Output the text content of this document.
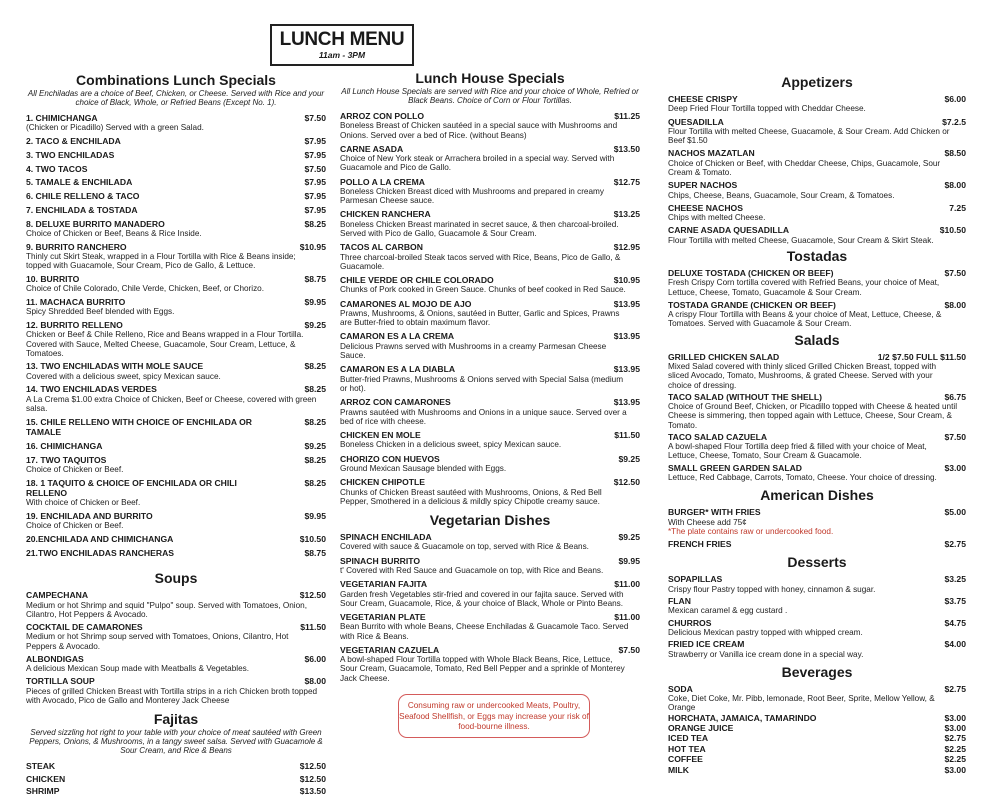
LUNCH MENU
11am - 3PM
Combinations Lunch Specials
All Enchiladas are a choice of Beef, Chicken, or Cheese. Served with Rice and your choice of Black, Whole, or Refried Beans (Except No. 1).
1. CHIMICHANGA	$7.50
(Chicken or Picadillo) Served with a green Salad.
2. TACO & ENCHILADA	$7.95
3. TWO ENCHILADAS	$7.95
4. TWO TACOS	$7.50
5. TAMALE & ENCHILADA	$7.95
6. CHILE RELLENO & TACO	$7.95
7. ENCHILADA & TOSTADA	$7.95
8. DELUXE BURRITO MANADERO	$8.25
Choice of Chicken or Beef, Beans & Rice Inside.
9. BURRITO RANCHERO	$10.95
Thinly cut Skirt Steak, wrapped in a Flour Tortilla with Rice & Beans inside; topped with Guacamole, Sour Cream, Pico de Gallo, & Lettuce.
10. BURRITO	$8.75
Choice of Chile Colorado, Chile Verde, Chicken, Beef, or Chorizo.
11. MACHACA BURRITO	$9.95
Spicy Shredded Beef blended with Eggs.
12. BURRITO RELLENO	$9.25
Chicken or Beef & Chile Relleno, Rice and Beans wrapped in a Flour Tortilla. Covered with Sauce, Melted Cheese, Guacamole, Sour Cream, Lettuce, & Tomatoes.
13. TWO ENCHILADAS WITH MOLE SAUCE	$8.25
Covered with a delicious sweet, spicy Mexican sauce.
14. TWO ENCHILADAS VERDES	$8.25
A La Crema $1.00 extra Choice of Chicken, Beef or Cheese, covered with green salsa.
15. CHILE RELLENO WITH CHOICE OF ENCHILADA OR TAMALE
$8.25
16. CHIMICHANGA	$9.25
17. TWO TAQUITOS	$8.25
Choice of Chicken or Beef.
18. 1 TAQUITO & CHOICE OF ENCHILADA OR CHILI RELLENO
$8.25
With choice of Chicken or Beef.
19. ENCHILADA AND BURRITO	$9.95
Choice of Chicken or Beef.
20.ENCHILADA AND CHIMICHANGA	$10.50
21.TWO ENCHILADAS RANCHERAS	$8.75
Soups
CAMPECHANA	$12.50
Medium or hot Shrimp and squid "Pulpo" soup. Served with Tomatoes, Onion, Cilantro, Hot Peppers & Avocado.
COCKTAIL DE CAMARONES	$11.50
Medium or hot Shrimp soup served with Tomatoes, Onions, Cilantro, Hot Peppers & Avocado.
ALBONDIGAS	$6.00
A delicious Mexican Soup made with Meatballs & Vegetables.
TORTILLA SOUP	$8.00
Pieces of grilled Chicken Breast with Tortilla strips in a rich Chicken broth topped with Avocado, Pico de Gallo and Monterey Jack Cheese
Fajitas
Served sizzling hot right to your table with your choice of meat sautéed with Green Peppers, Onions, & Mushrooms, in a tangy sweet salsa. Served with Guacamole & Sour Cream, and Rice & Beans
STEAK	$12.50
CHICKEN	$12.50
SHRIMP	$13.50
Lunch House Specials
All Lunch House Specials are served with Rice and your choice of Whole, Refried or Black Beans. Choice of Corn or Flour Tortillas.
ARROZ CON POLLO	$11.25
Boneless Breast of Chicken sautéed in a special sauce with Mushrooms and Onions. Served over a bed of Rice. (without Beans)
CARNE ASADA	$13.50
Choice of New York steak or Arrachera broiled in a special way. Served with Guacamole and Pico de Gallo.
POLLO A LA CREMA	$12.75
Boneless Chicken Breast diced with Mushrooms and prepared in creamy Parmesan Cheese sauce.
CHICKEN RANCHERA	$13.25
Boneless Chicken Breast marinated in secret sauce, & then charcoal-broiled. Served with Pico de Gallo, Guacamole & Sour Cream.
TACOS AL CARBON	$12.95
Three charcoal-broiled Steak tacos served with Rice, Beans, Pico de Gallo, & Guacamole.
CHILE VERDE OR CHILE COLORADO	$10.95
Chunks of Pork cooked in Green Sauce. Chunks of beef cooked in Red Sauce.
CAMARONES AL MOJO DE AJO	$13.95
Prawns, Mushrooms, & Onions, sautéed in Butter, Garlic and Spices, Prawns are Butter-fried to obtain maximum flavor.
CAMARON ES A LA CREMA	$13.95
Delicious Prawns served with Mushrooms in a creamy Parmesan Cheese Sauce.
CAMARON ES A LA DIABLA	$13.95
Butter-fried Prawns, Mushrooms & Onions served with Special Salsa (medium or hot).
ARROZ CON CAMARONES	$13.95
Prawns sautéed with Mushrooms and Onions in a unique sauce. Served over a bed of rice with cheese.
CHICKEN EN MOLE	$11.50
Boneless Chicken in a delicious sweet, spicy Mexican sauce.
CHORIZO CON HUEVOS	$9.25
Ground Mexican Sausage blended with Eggs.
CHICKEN CHIPOTLE	$12.50
Chunks of Chicken Breast sautéed with Mushrooms, Onions, & Red Bell Pepper, Smothered in a delicious & mildly spicy Chipotle creamy sauce.
Vegetarian Dishes
SPINACH ENCHILADA	$9.25
Covered with sauce & Guacamole on top, served with Rice & Beans.
SPINACH BURRITO	$9.95
t' Covered with Red Sauce and Guacamole on top, with Rice and Beans.
VEGETARIAN FAJITA	$11.00
Garden fresh Vegetables stir-fried and covered in our fajita sauce. Served with Sour Cream, Guacamole, Rice, & your choice of Black, Whole or Pinto Beans.
VEGETARIAN PLATE	$11.00
Bean Burrito with whole Beans, Cheese Enchiladas & Guacamole Taco. Served with Rice & Beans.
VEGETARIAN CAZUELA	$7.50
A bowl-shaped Flour Tortilla topped with Whole Black Beans, Rice, Lettuce, Sour Cream, Guacamole, Tomato, Red Bell Pepper and a sprinkle of Monterey Jack Cheese.
Appetizers
CHEESE CRISPY	$6.00
Deep Fried Flour Tortilla topped with Cheddar Cheese.
QUESADILLA	$7.2.5
Flour Tortilla with melted Cheese, Guacamole, & Sour Cream. Add Chicken or Beef $1.50
NACHOS MAZATLAN	$8.50
Choice of Chicken or Beef, with Cheddar Cheese, Chips, Guacamole, Sour Cream & Tomato.
SUPER NACHOS	$8.00
Chips, Cheese, Beans, Guacamole, Sour Cream, & Tomatoes.
CHEESE NACHOS	7.25
Chips with melted Cheese.
CARNE ASADA QUESADILLA	$10.50
Flour Tortilla with melted Cheese, Guacamole, Sour Cream & Skirt Steak.
Tostadas
DELUXE TOSTADA (CHICKEN OR BEEF)	$7.50
Fresh Crispy Corn tortilla covered with Refried Beans, your choice of Meat, Lettuce, Cheese, Tomato, Guacamole & Sour Cream.
TOSTADA GRANDE (CHICKEN OR BEEF)	$8.00
A crispy Flour Tortilla with Beans & your choice of Meat, Lettuce, Cheese, & Tomatoes. Served with Guacamole & Sour Cream.
Salads
GRILLED CHICKEN SALAD	1/2 $7.50 FULL $11.50
Mixed Salad covered with thinly sliced Grilled Chicken Breast, topped with sliced Avocado, Tomato, Mushrooms, & grated Cheese. Served with your choice of dressing.
TACO SALAD (WITHOUT THE SHELL)	$6.75
Choice of Ground Beef, Chicken, or Picadillo topped with Cheese & heated until Cheese is simmering, then topped again with Lettuce, Cheese, Sour Cream, & Tomato.
TACO SALAD CAZUELA	$7.50
A bowl-shaped Flour Tortilla deep fried & filled with your choice of Meat, Lettuce, Cheese, Tomato, Sour Cream & Guacamole.
SMALL GREEN GARDEN SALAD	$3.00
Lettuce, Red Cabbage, Carrots, Tomato, Cheese. Your choice of dressing.
American Dishes
BURGER* WITH FRIES	$5.00
With Cheese add 75¢
*The plate contains raw or undercooked food.
FRENCH FRIES	$2.75
Desserts
SOPAPILLAS	$3.25
Crispy flour Pastry topped with honey, cinnamon & sugar.
FLAN	$3.75
Mexican caramel & egg custard .
CHURROS	$4.75
Delicious Mexican pastry topped with whipped cream.
FRIED ICE CREAM	$4.00
Strawberry or Vanilla ice cream done in a special way.
Beverages
SODA	$2.75
Coke, Diet Coke, Mr. Pibb, lemonade, Root Beer, Sprite, Mellow Yellow, & Orange
HORCHATA, JAMAICA, TAMARINDO	$3.00
ORANGE JUICE	$3.00
ICED TEA	$2.75
HOT TEA	$2.25
COFFEE	$2.25
MILK	$3.00
Consuming raw or undercooked Meats, Poultry, Seafood Shellfish, or Eggs may increase your risk of food-bourne illness.
